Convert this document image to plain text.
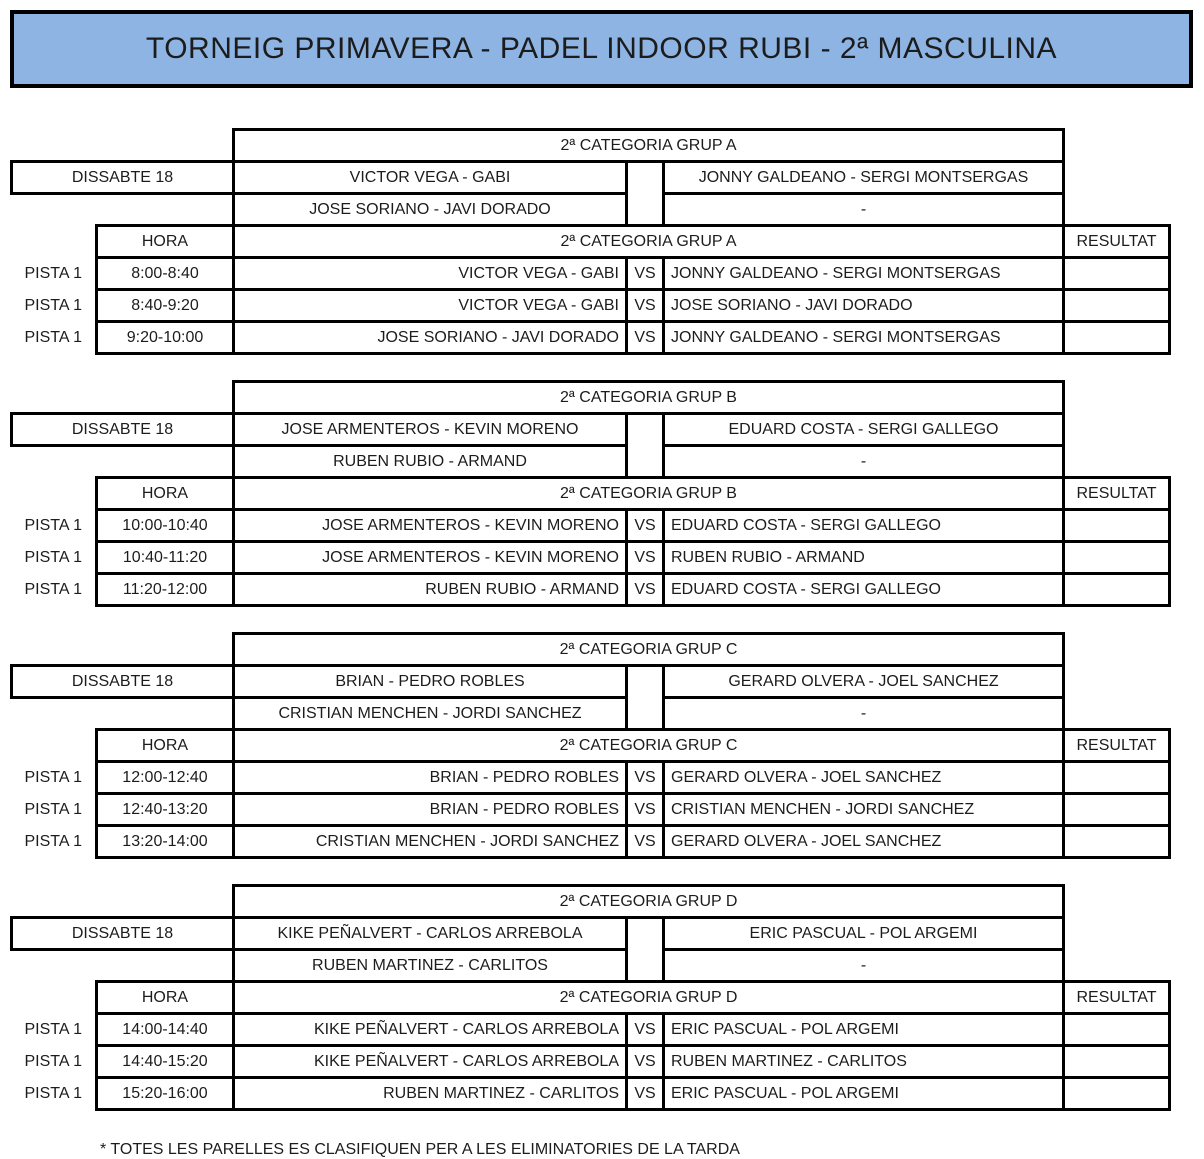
TORNEIG PRIMAVERA - PADEL INDOOR RUBI - 2ª MASCULINA
		2ª CATEGORIA GRUP A			
DISSABTE 18		VICTOR VEGA - GABI		JONNY GALDEANO - SERGI MONTSERGAS	
		JOSE SORIANO - JAVI DORADO		-	
	HORA	2ª CATEGORIA GRUP A			RESULTAT
PISTA 1	8:00-8:40	VICTOR VEGA - GABI	VS	JONNY GALDEANO - SERGI MONTSERGAS	
PISTA 1	8:40-9:20	VICTOR VEGA - GABI	VS	JOSE SORIANO - JAVI DORADO	
PISTA 1	9:20-10:00	JOSE SORIANO - JAVI DORADO	VS	JONNY GALDEANO - SERGI MONTSERGAS	
		2ª CATEGORIA GRUP B			
DISSABTE 18		JOSE ARMENTEROS - KEVIN MORENO		EDUARD COSTA - SERGI GALLEGO	
		RUBEN RUBIO - ARMAND		-	
	HORA	2ª CATEGORIA GRUP B			RESULTAT
PISTA 1	10:00-10:40	JOSE ARMENTEROS - KEVIN MORENO	VS	EDUARD COSTA - SERGI GALLEGO	
PISTA 1	10:40-11:20	JOSE ARMENTEROS - KEVIN MORENO	VS	RUBEN RUBIO - ARMAND	
PISTA 1	11:20-12:00	RUBEN RUBIO - ARMAND	VS	EDUARD COSTA - SERGI GALLEGO	
		2ª CATEGORIA GRUP C			
DISSABTE 18		BRIAN - PEDRO ROBLES		GERARD OLVERA - JOEL SANCHEZ	
		CRISTIAN MENCHEN - JORDI SANCHEZ		-	
	HORA	2ª CATEGORIA GRUP C			RESULTAT
PISTA 1	12:00-12:40	BRIAN - PEDRO ROBLES	VS	GERARD OLVERA - JOEL SANCHEZ	
PISTA 1	12:40-13:20	BRIAN - PEDRO ROBLES	VS	CRISTIAN MENCHEN - JORDI SANCHEZ	
PISTA 1	13:20-14:00	CRISTIAN MENCHEN - JORDI SANCHEZ	VS	GERARD OLVERA - JOEL SANCHEZ	
		2ª CATEGORIA GRUP D			
DISSABTE 18		KIKE PEÑALVERT - CARLOS ARREBOLA		ERIC PASCUAL - POL ARGEMI	
		RUBEN MARTINEZ - CARLITOS		-	
	HORA	2ª CATEGORIA GRUP D			RESULTAT
PISTA 1	14:00-14:40	KIKE PEÑALVERT - CARLOS ARREBOLA	VS	ERIC PASCUAL - POL ARGEMI	
PISTA 1	14:40-15:20	KIKE PEÑALVERT - CARLOS ARREBOLA	VS	RUBEN MARTINEZ - CARLITOS	
PISTA 1	15:20-16:00	RUBEN MARTINEZ - CARLITOS	VS	ERIC PASCUAL - POL ARGEMI	
* TOTES LES PARELLES ES CLASIFIQUEN PER A LES ELIMINATORIES DE LA TARDA
